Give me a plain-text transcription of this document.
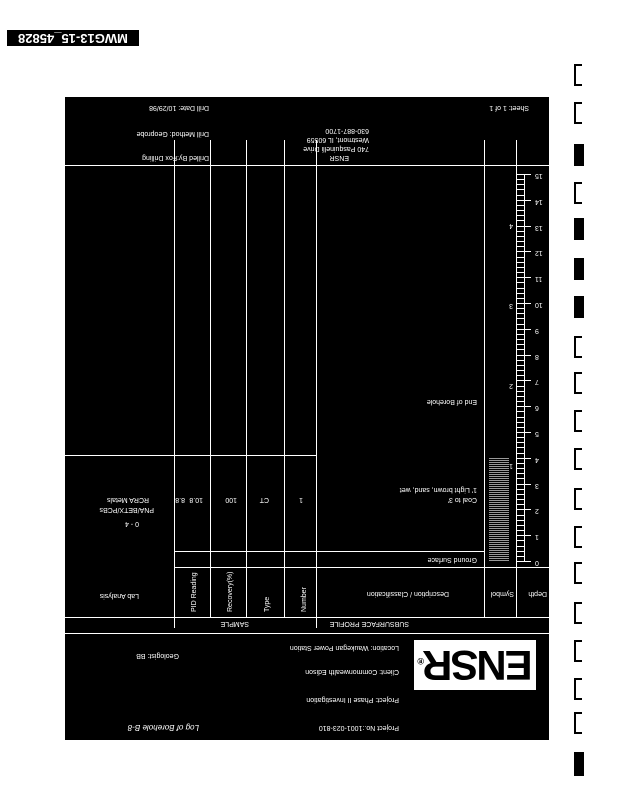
MWG13-15_45828
ENSR®
Log of Borehole B-8	Project No.:1001-023-810
Project: Phase II Investigation
Client: Commonwealth Edison
Location: Waukegan Power Station
Geologist: BB
SUBSURFACE PROFILE
SAMPLE
Lab Analysis	Depth
Symbol
Description / Classification
Number
Type
Recovery(%)
PID Reading
0
1
2
3
4
5
6
7
8
9
10
11
12
13
14
15
Ground Surface
Coal to 3'
1' Light brown, sand, wet
End of Borehole
1
CT
100
10.8
8.8
0 - 4
PNA/BETX/PCBs
RCRA Metals
Drilled By:Fox Drilling
Drill Method: Geoprobe
Drill Date: 10/29/98
ENSR
740 Pasquinelli Drive
Westmont, IL 60559
630-887-1700
Sheet: 1 of 1
1
2
3
4
